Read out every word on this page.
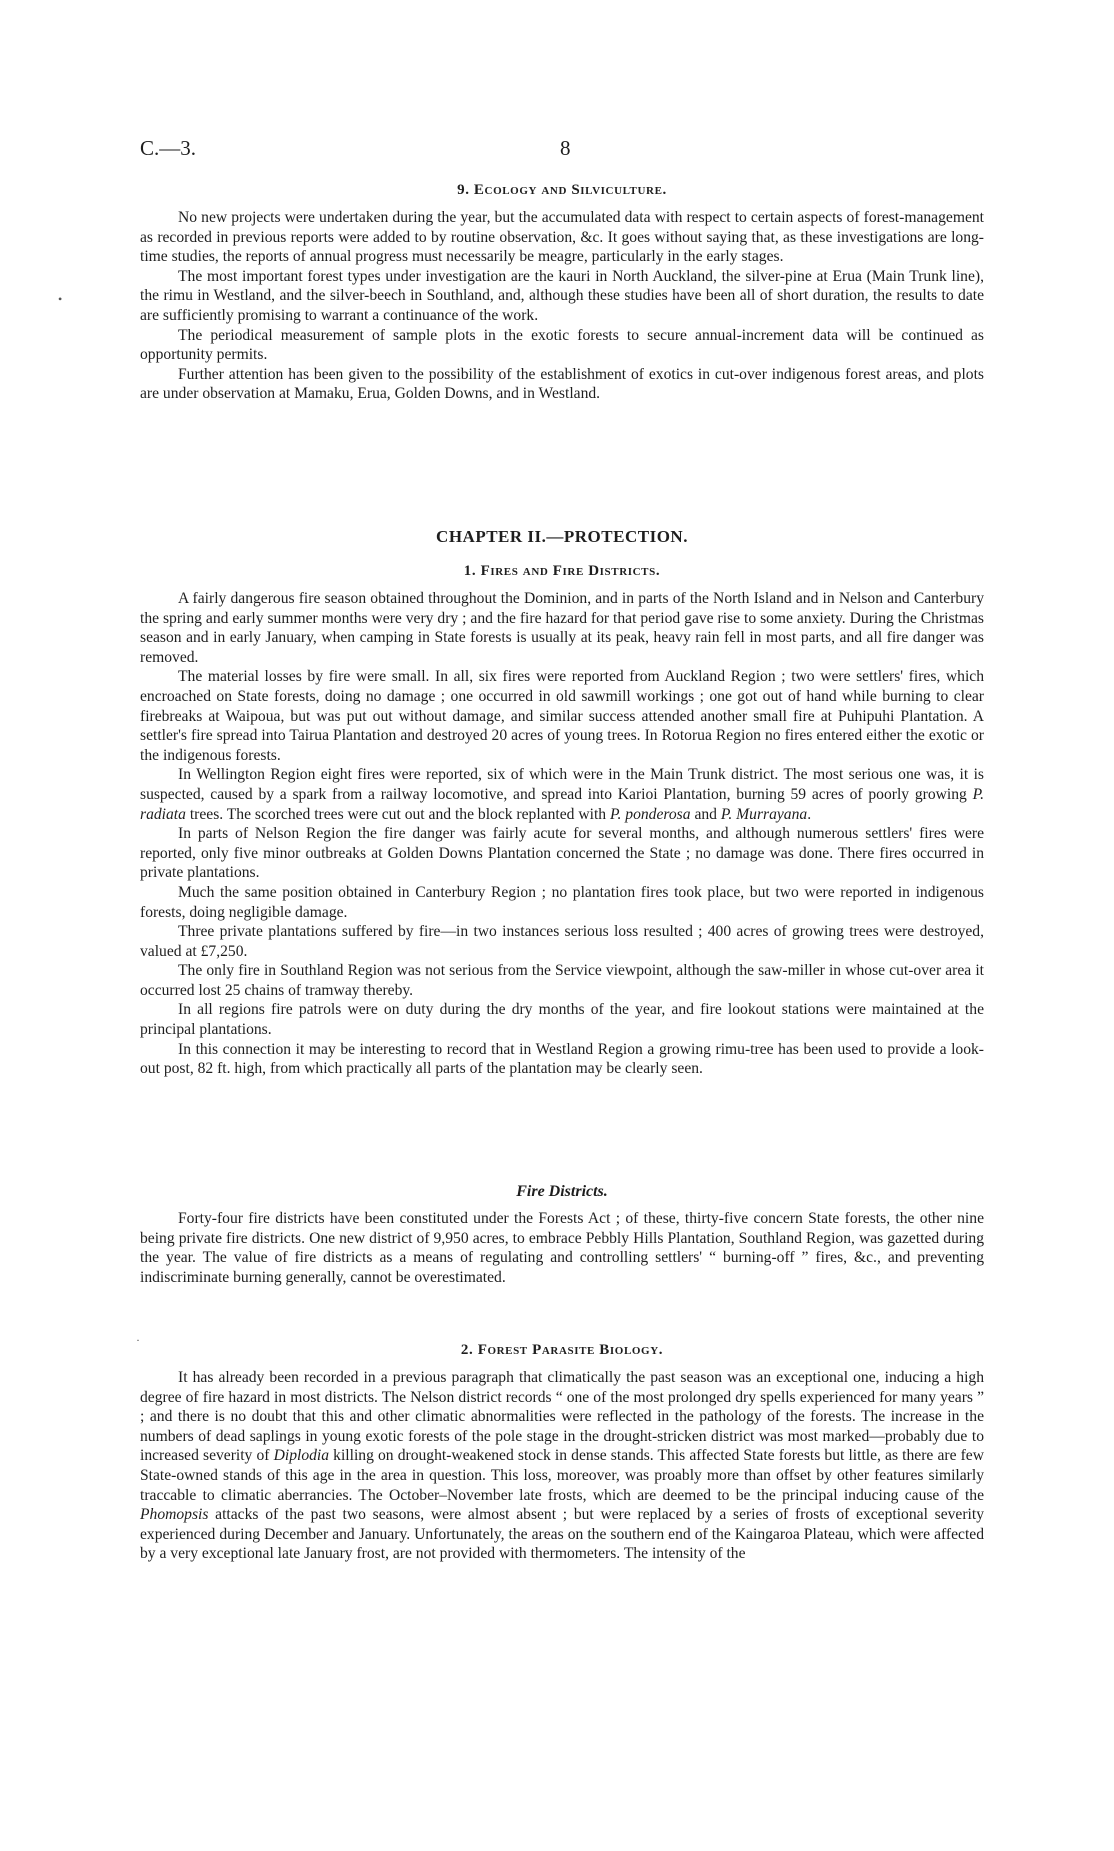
C.—3.	8
•
9. Ecology and Silviculture.

No new projects were undertaken during the year, but the accumulated data with respect to certain aspects of forest-management as recorded in previous reports were added to by routine observation, &c. It goes without saying that, as these investigations are long-time studies, the reports of annual progress must necessarily be meagre, particularly in the early stages.

The most important forest types under investigation are the kauri in North Auckland, the silver-pine at Erua (Main Trunk line), the rimu in Westland, and the silver-beech in Southland, and, although these studies have been all of short duration, the results to date are sufficiently promising to warrant a continuance of the work.

The periodical measurement of sample plots in the exotic forests to secure annual-increment data will be continued as opportunity permits.

Further attention has been given to the possibility of the establishment of exotics in cut-over indigenous forest areas, and plots are under observation at Mamaku, Erua, Golden Downs, and in Westland.

CHAPTER II.—PROTECTION.
1. Fires and Fire Districts.

A fairly dangerous fire season obtained throughout the Dominion, and in parts of the North Island and in Nelson and Canterbury the spring and early summer months were very dry ; and the fire hazard for that period gave rise to some anxiety. During the Christmas season and in early January, when camping in State forests is usually at its peak, heavy rain fell in most parts, and all fire danger was removed.

The material losses by fire were small. In all, six fires were reported from Auckland Region ; two were settlers' fires, which encroached on State forests, doing no damage ; one occurred in old sawmill workings ; one got out of hand while burning to clear firebreaks at Waipoua, but was put out without damage, and similar success attended another small fire at Puhipuhi Plantation. A settler's fire spread into Tairua Plantation and destroyed 20 acres of young trees. In Rotorua Region no fires entered either the exotic or the indigenous forests.

In Wellington Region eight fires were reported, six of which were in the Main Trunk district. The most serious one was, it is suspected, caused by a spark from a railway locomotive, and spread into Karioi Plantation, burning 59 acres of poorly growing P. radiata trees. The scorched trees were cut out and the block replanted with P. ponderosa and P. Murrayana.

In parts of Nelson Region the fire danger was fairly acute for several months, and although numerous settlers' fires were reported, only five minor outbreaks at Golden Downs Plantation concerned the State ; no damage was done. There fires occurred in private plantations.

Much the same position obtained in Canterbury Region ; no plantation fires took place, but two were reported in indigenous forests, doing negligible damage.

Three private plantations suffered by fire—in two instances serious loss resulted ; 400 acres of growing trees were destroyed, valued at £7,250.

The only fire in Southland Region was not serious from the Service viewpoint, although the saw-miller in whose cut-over area it occurred lost 25 chains of tramway thereby.

In all regions fire patrols were on duty during the dry months of the year, and fire lookout stations were maintained at the principal plantations.

In this connection it may be interesting to record that in Westland Region a growing rimu-tree has been used to provide a look-out post, 82 ft. high, from which practically all parts of the plantation may be clearly seen.

Fire Districts.

Forty-four fire districts have been constituted under the Forests Act ; of these, thirty-five concern State forests, the other nine being private fire districts. One new district of 9,950 acres, to embrace Pebbly Hills Plantation, Southland Region, was gazetted during the year. The value of fire districts as a means of regulating and controlling settlers' “ burning-off ” fires, &c., and preventing indiscriminate burning generally, cannot be overestimated.

·
2. Forest Parasite Biology.

It has already been recorded in a previous paragraph that climatically the past season was an exceptional one, inducing a high degree of fire hazard in most districts. The Nelson district records “ one of the most prolonged dry spells experienced for many years ” ; and there is no doubt that this and other climatic abnormalities were reflected in the pathology of the forests. The increase in the numbers of dead saplings in young exotic forests of the pole stage in the drought-stricken district was most marked—probably due to increased severity of Diplodia killing on drought-weakened stock in dense stands. This affected State forests but little, as there are few State-owned stands of this age in the area in question. This loss, moreover, was proably more than offset by other features similarly traccable to climatic aberrancies. The October–November late frosts, which are deemed to be the principal inducing cause of the Phomopsis attacks of the past two seasons, were almost absent ; but were replaced by a series of frosts of exceptional severity experienced during December and January. Unfortunately, the areas on the southern end of the Kaingaroa Plateau, which were affected by a very exceptional late January frost, are not provided with thermometers. The intensity of the
